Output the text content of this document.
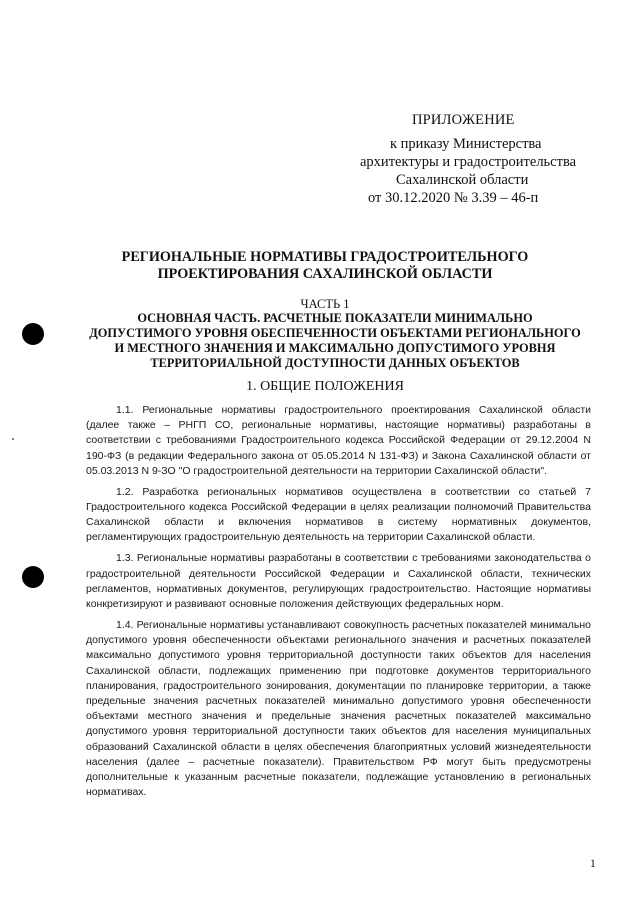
ПРИЛОЖЕНИЕ
к приказу Министерства
архитектуры и градостроительства
Сахалинской области
от 30.12.2020 № 3.39 – 46-п
РЕГИОНАЛЬНЫЕ НОРМАТИВЫ ГРАДОСТРОИТЕЛЬНОГО
ПРОЕКТИРОВАНИЯ САХАЛИНСКОЙ ОБЛАСТИ
ЧАСТЬ 1
ОСНОВНАЯ ЧАСТЬ. РАСЧЕТНЫЕ ПОКАЗАТЕЛИ МИНИМАЛЬНО ДОПУСТИМОГО УРОВНЯ ОБЕСПЕЧЕННОСТИ ОБЪЕКТАМИ РЕГИОНАЛЬНОГО И МЕСТНОГО ЗНАЧЕНИЯ И МАКСИМАЛЬНО ДОПУСТИМОГО УРОВНЯ ТЕРРИТОРИАЛЬНОЙ ДОСТУПНОСТИ ДАННЫХ ОБЪЕКТОВ
1. ОБЩИЕ ПОЛОЖЕНИЯ

1.1. Региональные нормативы градостроительного проектирования Сахалинской области (далее также – РНГП СО, региональные нормативы, настоящие нормативы) разработаны в соответствии с требованиями Градостроительного кодекса Российской Федерации от 29.12.2004 N 190-ФЗ (в редакции Федерального закона от 05.05.2014 N 131-ФЗ) и Закона Сахалинской области от 05.03.2013 N 9-ЗО "О градостроительной деятельности на территории Сахалинской области".

1.2. Разработка региональных нормативов осуществлена в соответствии со статьей 7 Градостроительного кодекса Российской Федерации в целях реализации полномочий Правительства Сахалинской области и включения нормативов в систему нормативных документов, регламентирующих градостроительную деятельность на территории Сахалинской области.

1.3. Региональные нормативы разработаны в соответствии с требованиями законодательства о градостроительной деятельности Российской Федерации и Сахалинской области, технических регламентов, нормативных документов, регулирующих градостроительство. Настоящие нормативы конкретизируют и развивают основные положения действующих федеральных норм.

1.4. Региональные нормативы устанавливают совокупность расчетных показателей минимально допустимого уровня обеспеченности объектами регионального значения и расчетных показателей максимально допустимого уровня территориальной доступности таких объектов для населения Сахалинской области, подлежащих применению при подготовке документов территориального планирования, градостроительного зонирования, документации по планировке территории, а также предельные значения расчетных показателей минимально допустимого уровня обеспеченности объектами местного значения и предельные значения расчетных показателей максимально допустимого уровня территориальной доступности таких объектов для населения муниципальных образований Сахалинской области в целях обеспечения благоприятных условий жизнедеятельности населения (далее – расчетные показатели). Правительством РФ могут быть предусмотрены дополнительные к указанным расчетные показатели, подлежащие установлению в региональных нормативах.

1
